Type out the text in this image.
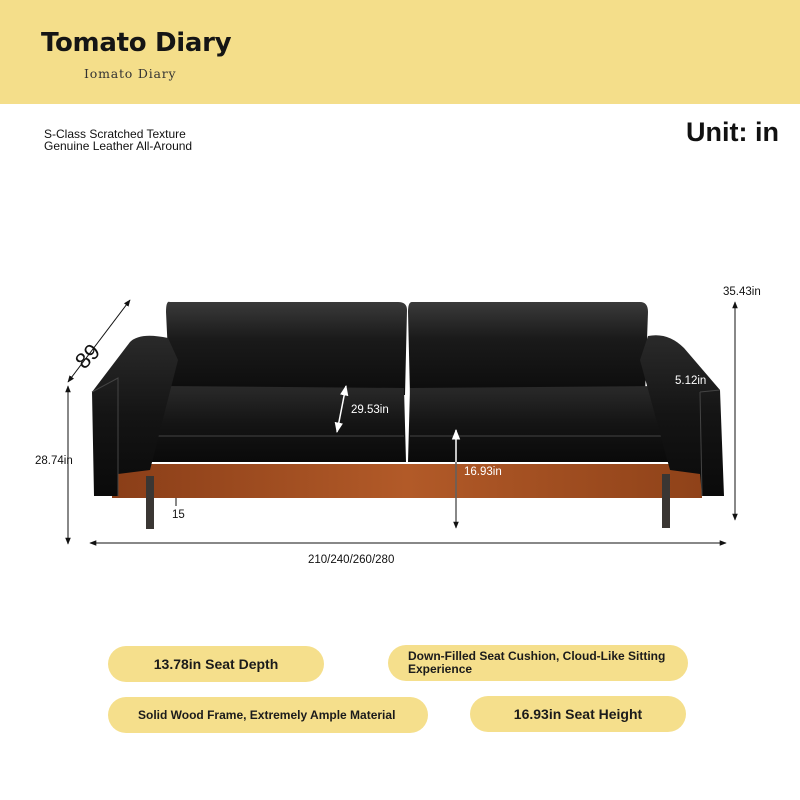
Tomato Diary
Iomato Diary
S-Class Scratched Texture
Genuine Leather All-Around	Unit: in
89
35.43in
28.74in
5.12in
29.53in
16.93in
15
210/240/260/280
13.78in Seat Depth	Down-Filled Seat Cushion, Cloud-Like Sitting Experience
Solid Wood Frame, Extremely Ample Material	16.93in Seat Height
